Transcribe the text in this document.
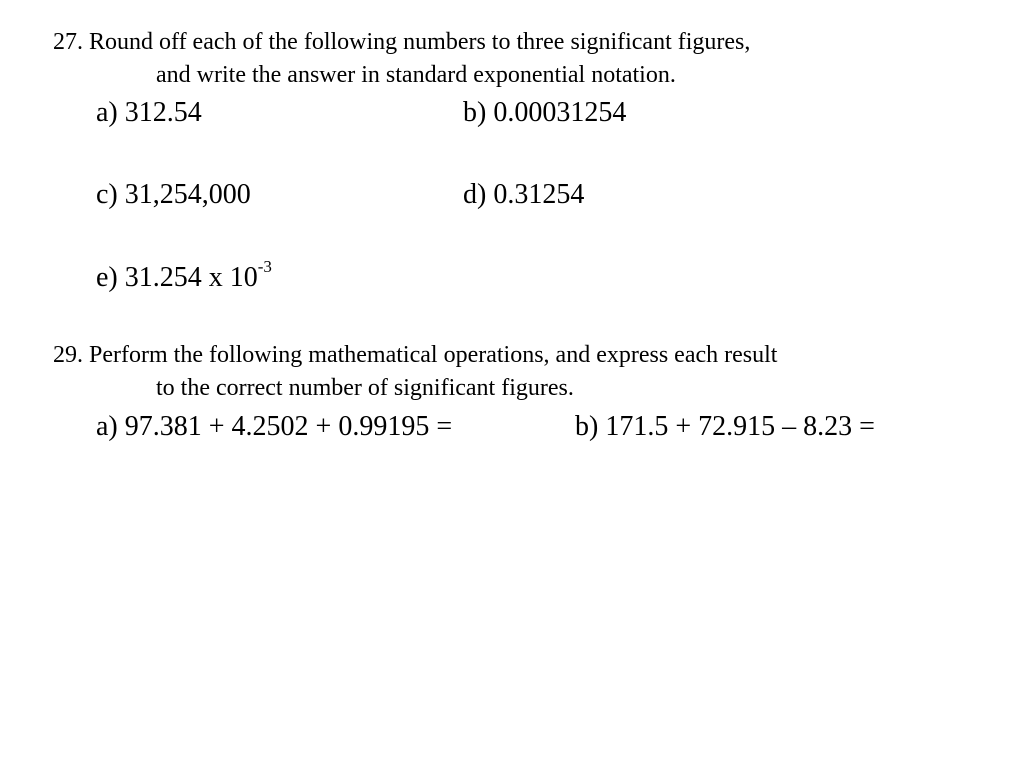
27. Round off each of the following numbers to three significant figures,
and write the answer in standard exponential notation.
a) 312.54	b) 0.00031254
c) 31,254,000	d) 0.31254
e) 31.254 x $10^{-3}$
29. Perform the following mathematical operations, and express each result
to the correct number of significant figures.
a) 97.381 + 4.2502 + 0.99195 =	b) 171.5 + 72.915 – 8.23 =
